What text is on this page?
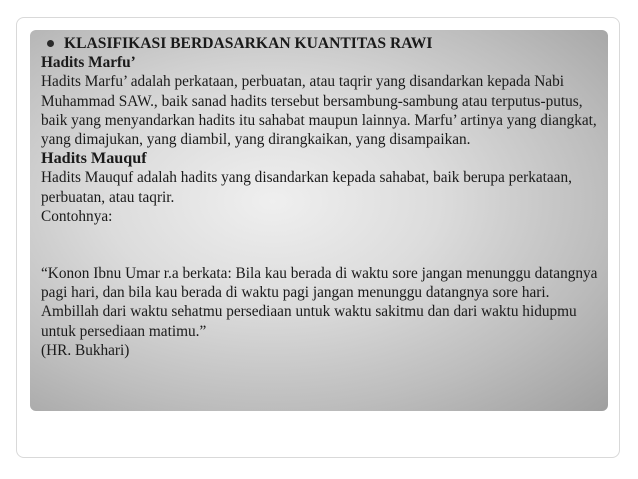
KLASIFIKASI BERDASARKAN KUANTITAS RAWI
Hadits Marfu’

Hadits Marfu’ adalah perkataan, perbuatan, atau taqrir yang disandarkan kepada Nabi Muhammad SAW., baik sanad hadits tersebut bersambung-sambung atau terputus-putus, baik yang menyandarkan hadits itu sahabat maupun lainnya. Marfu’ artinya yang diangkat, yang dimajukan, yang diambil, yang dirangkaikan, yang disampaikan.

Hadits Mauquf

Hadits Mauquf adalah hadits yang disandarkan kepada sahabat, baik berupa perkataan, perbuatan, atau taqrir.

Contohnya:

“Konon Ibnu Umar r.a berkata: Bila kau berada di waktu sore jangan menunggu datangnya pagi hari, dan bila kau berada di waktu pagi jangan menunggu datangnya sore hari. Ambillah dari waktu sehatmu persediaan untuk waktu sakitmu dan dari waktu hidupmu untuk persediaan matimu.”

(HR. Bukhari)
